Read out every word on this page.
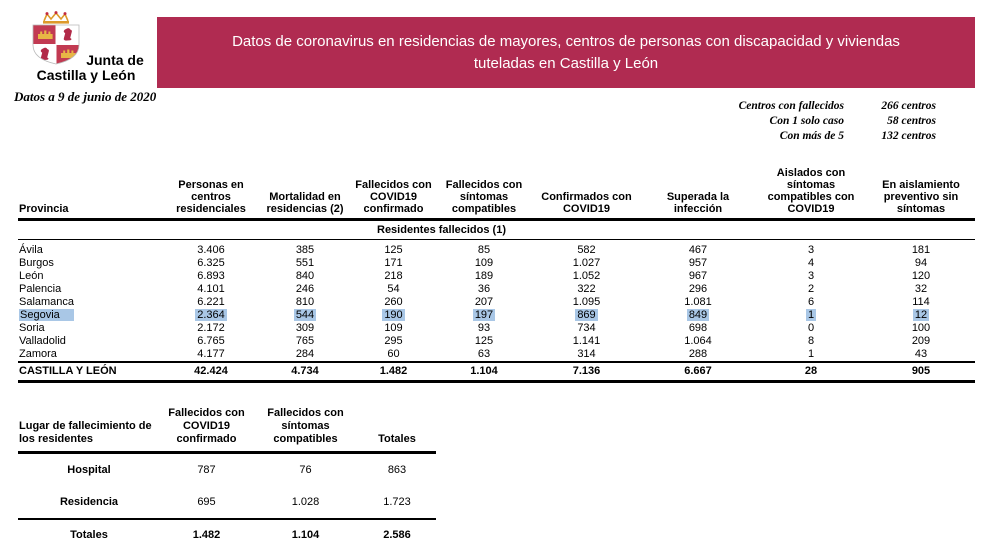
Junta de
Castilla y León
Datos a 9 de junio de 2020
Datos de coronavirus en residencias de mayores, centros de personas con discapacidad y viviendas tuteladas en Castilla y León
Centros con fallecidos	266 centros
Con 1 solo caso	58 centros
Con más de 5	132 centros
Provincia	Personas en centros residenciales	Mortalidad en residencias (2)	Fallecidos con COVID19 confirmado	Fallecidos con síntomas compatibles	Confirmados con COVID19	Superada la infección	Aislados con síntomas compatibles con COVID19	En aislamiento preventivo sin síntomas
			Residentes fallecidos (1)					
Ávila	3.406	385	125	85	582	467	3	181
Burgos	6.325	551	171	109	1.027	957	4	94
León	6.893	840	218	189	1.052	967	3	120
Palencia	4.101	246	54	36	322	296	2	32
Salamanca	6.221	810	260	207	1.095	1.081	6	114
Segovia	2.364	544	190	197	869	849	1	12
Soria	2.172	309	109	93	734	698	0	100
Valladolid	6.765	765	295	125	1.141	1.064	8	209
Zamora	4.177	284	60	63	314	288	1	43
CASTILLA Y LEÓN	42.424	4.734	1.482	1.104	7.136	6.667	28	905
Lugar de fallecimiento de los residentes	Fallecidos con COVID19 confirmado	Fallecidos con síntomas compatibles	Totales
Hospital	787	76	863
Residencia	695	1.028	1.723
Totales	1.482	1.104	2.586
